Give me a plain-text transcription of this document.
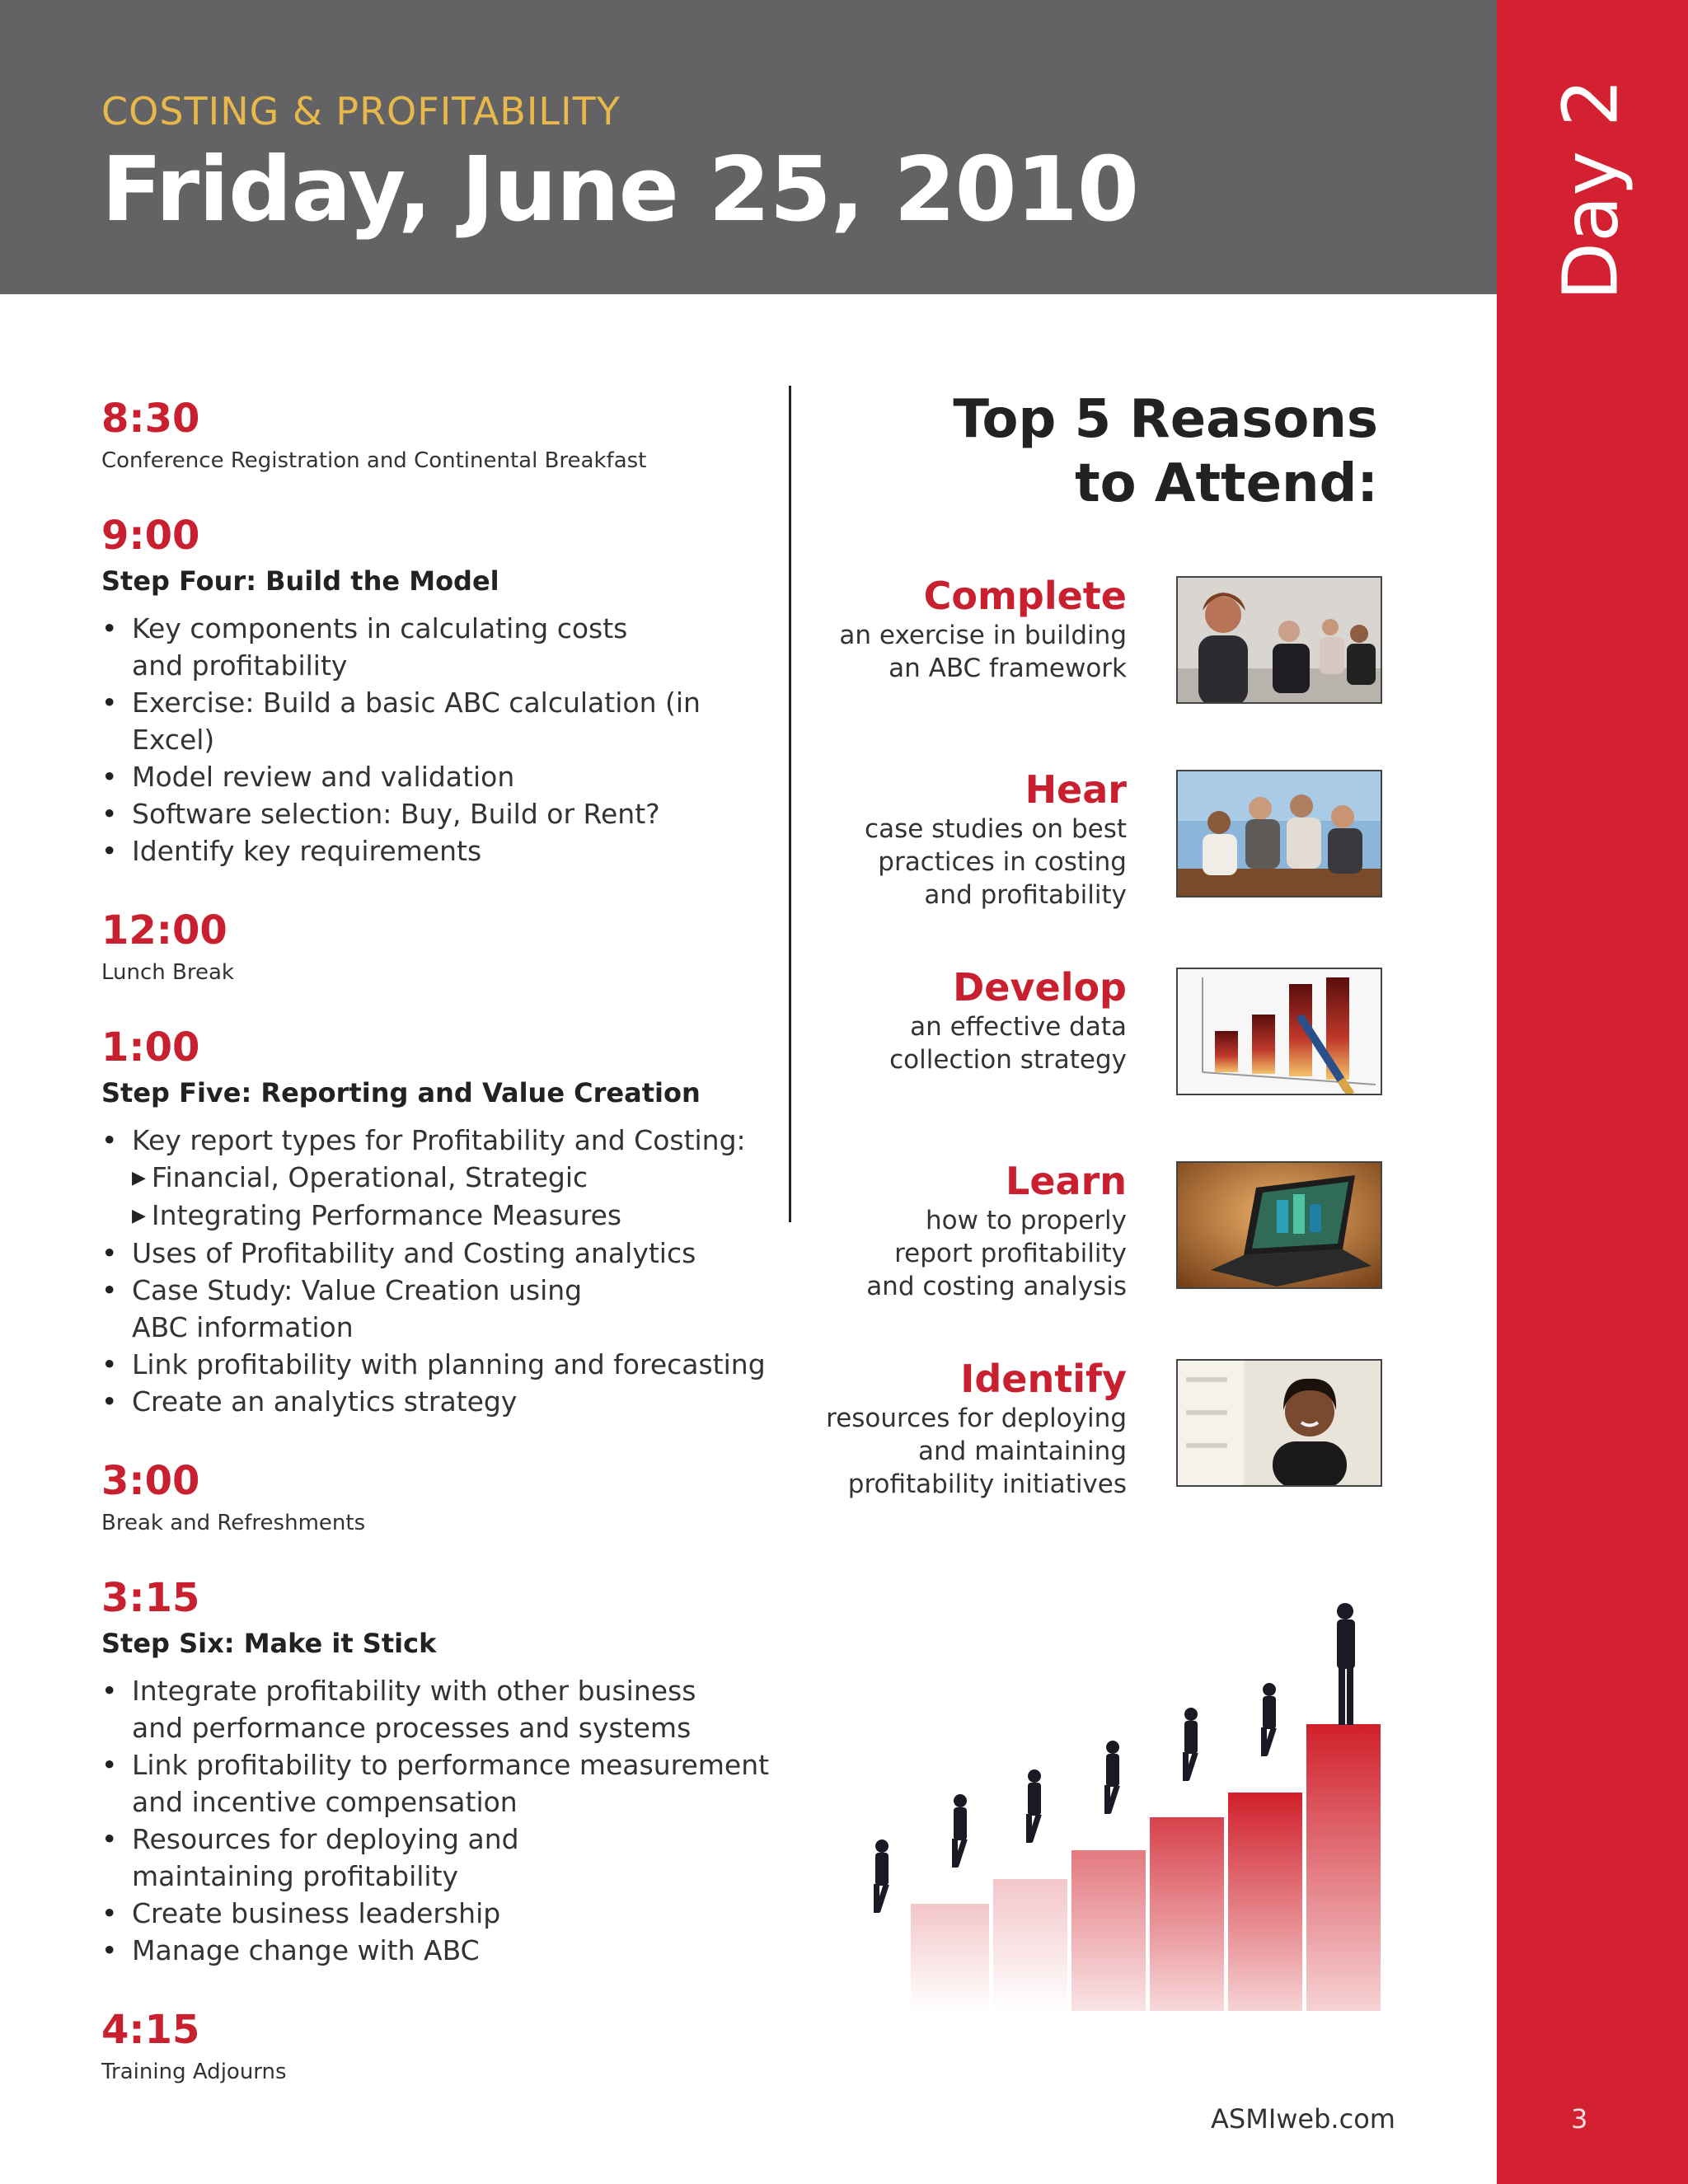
COSTING & PROFITABILITY
Friday, June 25, 2010	Day 2
3
8:30
Conference Registration and Continental Breakfast
9:00
Step Four: Build the Model
• Key components in calculating costs
and profitability
• Exercise: Build a basic ABC calculation (in Excel)
• Model review and validation
• Software selection: Buy, Build or Rent?
• Identify key requirements
12:00
Lunch Break
1:00
Step Five: Reporting and Value Creation
• Key report types for Profitability and Costing:
▶ Financial, Operational, Strategic
▶ Integrating Performance Measures
• Uses of Profitability and Costing analytics
• Case Study: Value Creation using
ABC information
• Link profitability with planning and forecasting
• Create an analytics strategy
3:00
Break and Refreshments
3:15
Step Six: Make it Stick
• Integrate profitability with other business
and performance processes and systems
• Link profitability to performance measurement
and incentive compensation
• Resources for deploying and
maintaining profitability
• Create business leadership
• Manage change with ABC
4:15
Training Adjourns
Top 5 Reasons
to Attend:
Complete
an exercise in building
an ABC framework
Hear
case studies on best
practices in costing
and profitability
Develop
an effective data
collection strategy
Learn
how to properly
report profitability
and costing analysis
Identify
resources for deploying
and maintaining
profitability initiatives
ASMIweb.com
